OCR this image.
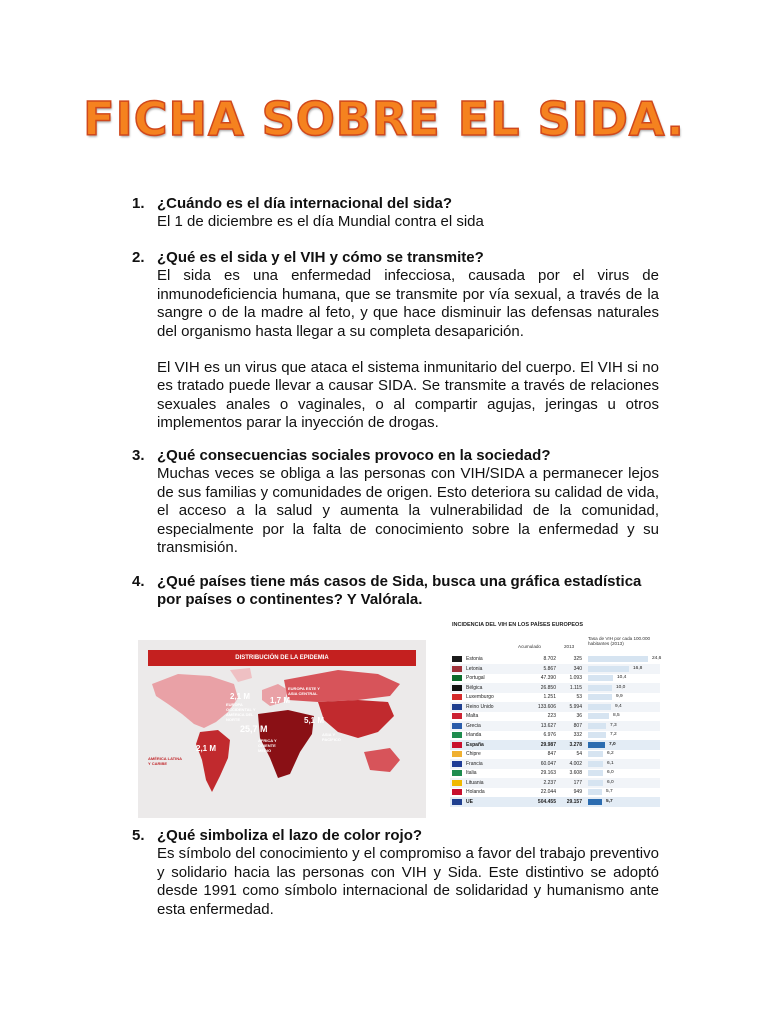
FICHA SOBRE EL SIDA.
1. ¿Cuándo es el día internacional del sida?

El 1 de diciembre es el día Mundial contra el sida

2. ¿Qué es el sida y el VIH y cómo se transmite?

El sida es una enfermedad infecciosa, causada por el virus de inmunodeficiencia humana, que se transmite por vía sexual, a través de la sangre o de la madre al feto, y que hace disminuir las defensas naturales del organismo hasta llegar a su completa desaparición.

El VIH es un virus que ataca el sistema inmunitario del cuerpo. El VIH si no es tratado puede llevar a causar SIDA. Se transmite a través de relaciones sexuales anales o vaginales, o al compartir agujas, jeringas u otros implementos parar la inyección de drogas.

3. ¿Qué consecuencias sociales provoco en la sociedad?

Muchas veces se obliga a las personas con VIH/SIDA a permanecer lejos de sus familias y comunidades de origen. Esto deteriora su calidad de vida, el acceso a la salud y aumenta la vulnerabilidad de la comunidad, especialmente por la falta de conocimiento sobre la enfermedad y su transmisión.

4. ¿Qué países tiene más casos de Sida, busca una gráfica estadística por países o continentes? Y Valórala.
DISTRIBUCIÓN DE LA EPIDEMIA
2,1 M
EUROPA OCCIDENTAL Y AMÉRICA DEL NORTE
1,7 M
EUROPA ESTE Y ASIA CENTRAL
5,1 M
ASIA Y PACÍFICO
25,7 M
ÁFRICA Y ORIENTE MEDIO
2,1 M
AMÉRICA LATINA Y CARIBE
INCIDENCIA DEL VIH EN LOS PAÍSES EUROPEOS
Acumulado	2013
Tasa de VIH por cada 100.000 habitantes (2013)
Estonia	8.702	325	24,6
Letonia	5.867	340	16,8
Portugal	47.390	1.093	10,4
Bélgica	26.850	1.115	10,0
Luxemburgo	1.251	53	9,9
Reino Unido	133.606	5.994	9,4
Malta	223	36	8,5
Grecia	13.627	807	7,3
Irlanda	6.976	332	7,2
España	29.987	3.278	7,0
Chipre	847	54	6,2
Francia	60.047	4.002	6,1
Italia	29.163	3.608	6,0
Lituania	2.237	177	6,0
Holanda	22.044	949	5,7
UE	504.455	29.157	5,7
5. ¿Qué simboliza el lazo de color rojo?

Es símbolo del conocimiento y el compromiso a favor del trabajo preventivo y solidario hacia las personas con VIH y Sida. Este distintivo se adoptó desde 1991 como símbolo internacional de solidaridad y humanismo ante esta enfermedad.
